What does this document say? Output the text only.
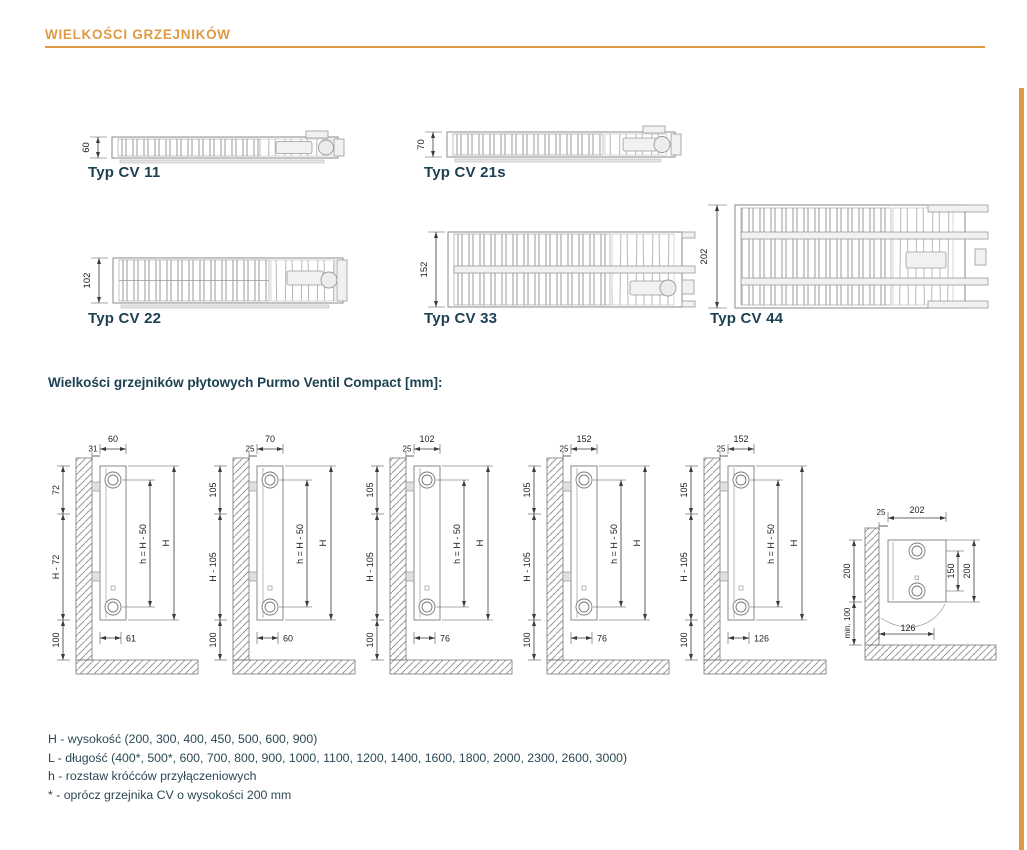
WIELKOŚCI GRZEJNIKÓW
60
Typ CV 11
70
Typ CV 21s
102
Typ CV 22
152
Typ CV 33
202
Typ CV 44
Wielkości grzejników płytowych Purmo Ventil Compact [mm]:
60
31
72
H - 72
100
h = H - 50 H
61
70
25
105
H - 105
100
h = H - 50 H
60
102
25
105
H - 105
100
h = H - 50 H
76
152
25
105
H - 105
100
h = H - 50 H
76
152
25
105
H - 105
100
h = H - 50 H
126
202
25
150 200
200
min. 100	126
H - wysokość (200, 300, 400, 450, 500, 600, 900)
L - długość (400*, 500*, 600, 700, 800, 900, 1000, 1100, 1200, 1400, 1600, 1800, 2000, 2300, 2600, 3000)
h - rozstaw króćców przyłączeniowych
* - oprócz grzejnika CV o wysokości 200 mm
